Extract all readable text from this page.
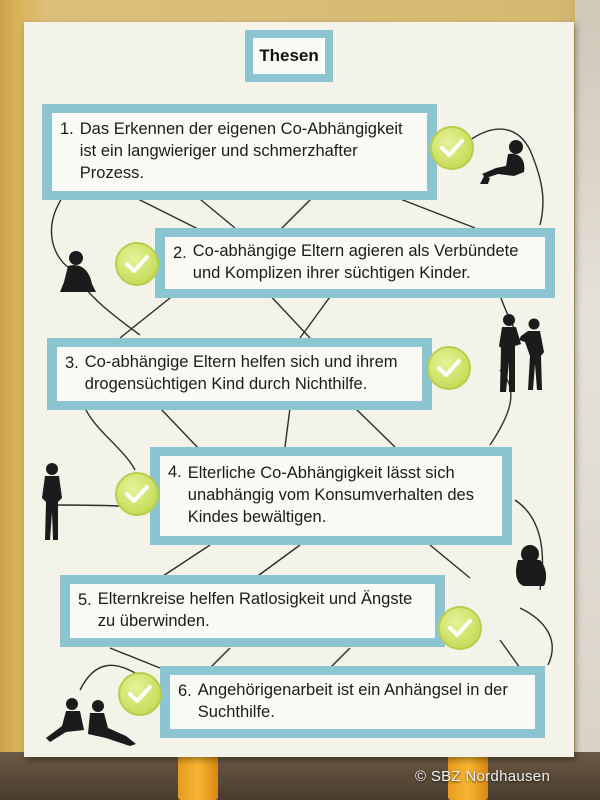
Thesen
1. Das Erkennen der eigenen Co-Abhängigkeit
ist ein langwieriger und schmerzhafter
Prozess.
2. Co-abhängige Eltern agieren als Verbündete
und Komplizen ihrer süchtigen Kinder.
3. Co-abhängige Eltern helfen sich und ihrem
drogensüchtigen Kind durch Nichthilfe.
4. Elterliche Co-Abhängigkeit lässt sich
unabhängig vom Konsumverhalten des
Kindes bewältigen.
5. Elternkreise helfen Ratlosigkeit und Ängste
zu überwinden.
6. Angehörigenarbeit ist ein Anhängsel in der
Suchthilfe.
© SBZ Nordhausen
